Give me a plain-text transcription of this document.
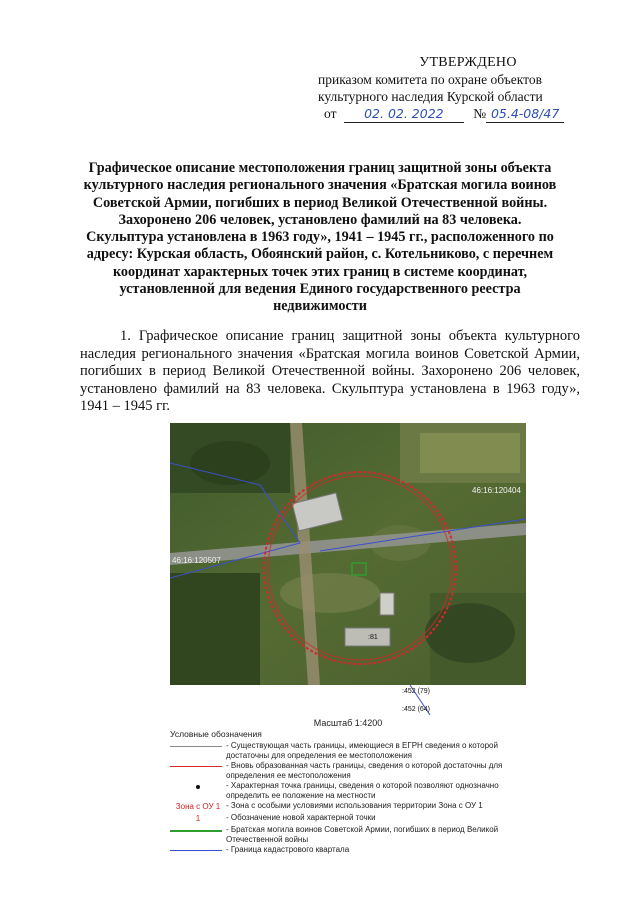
УТВЕРЖДЕНО
приказом комитета по охране объектов
культурного наследия Курской области
от 02. 02. 2022 № 05.4-08/47
Графическое описание местоположения границ защитной зоны объекта культурного наследия регионального значения «Братская могила воинов Советской Армии, погибших в период Великой Отечественной войны. Захоронено 206 человек, установлено фамилий на 83 человека. Скульптура установлена в 1963 году», 1941 – 1945 гг., расположенного по адресу: Курская область, Обоянский район, с. Котельниково, с перечнем координат характерных точек этих границ в системе координат, установленной для ведения Единого государственного реестра недвижимости
1. Графическое описание границ защитной зоны объекта культурного наследия регионального значения «Братская могила воинов Советской Армии, погибших в период Великой Отечественной войны. Захоронено 206 человек, установлено фамилий на 83 человека. Скульптура установлена в 1963 году», 1941 – 1945 гг.
46:16:120507
46:16:120404
:81
:452 (79)
:452 (64)
Масштаб 1:4200
Условные обозначения
- Существующая часть границы, имеющиеся в ЕГРН сведения о которой достаточны для определения ее местоположения
- Вновь образованная часть границы, сведения о которой достаточны для определения ее местоположения
- Характерная точка границы, сведения о которой позволяют однозначно определить ее положение на местности
Зона с ОУ 1 - Зона с особыми условиями использования территории Зона с ОУ 1
1	- Обозначение новой характерной точки
- Братская могила воинов Советской Армии, погибших в период Великой Отечественной войны
- Граница кадастрового квартала
